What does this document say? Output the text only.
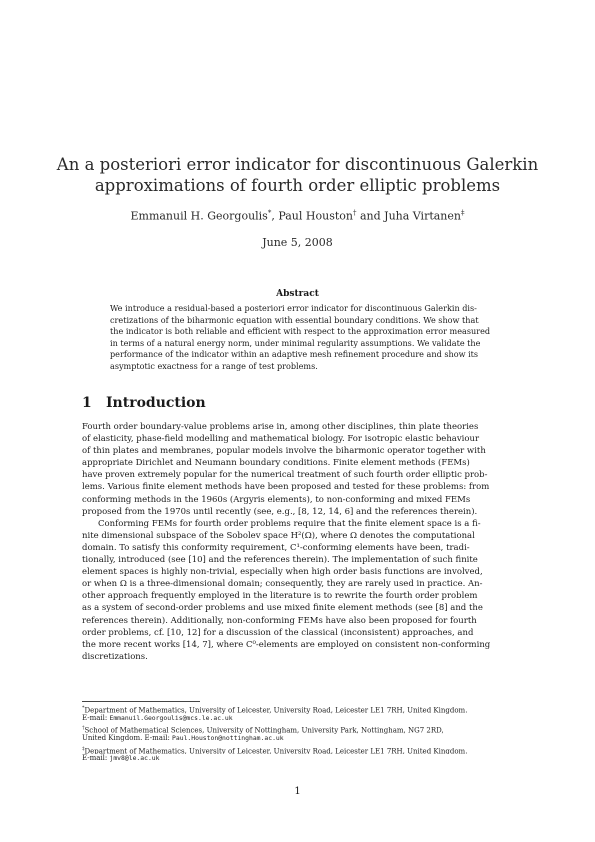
An a posteriori error indicator for discontinuous Galerkin
approximations of fourth order elliptic problems
Emmanuil H. Georgoulis*, Paul Houston† and Juha Virtanen‡
June 5, 2008
Abstract
We introduce a residual-based a posteriori error indicator for discontinuous Galerkin dis-
cretizations of the biharmonic equation with essential boundary conditions. We show that
the indicator is both reliable and efficient with respect to the approximation error measured
in terms of a natural energy norm, under minimal regularity assumptions. We validate the
performance of the indicator within an adaptive mesh refinement procedure and show its
asymptotic exactness for a range of test problems.
1 Introduction
Fourth order boundary-value problems arise in, among other disciplines, thin plate theories
of elasticity, phase-field modelling and mathematical biology. For isotropic elastic behaviour
of thin plates and membranes, popular models involve the biharmonic operator together with
appropriate Dirichlet and Neumann boundary conditions. Finite element methods (FEMs)
have proven extremely popular for the numerical treatment of such fourth order elliptic prob-
lems. Various finite element methods have been proposed and tested for these problems: from
conforming methods in the 1960s (Argyris elements), to non-conforming and mixed FEMs
proposed from the 1970s until recently (see, e.g., [8, 12, 14, 6] and the references therein).
Conforming FEMs for fourth order problems require that the finite element space is a fi-
nite dimensional subspace of the Sobolev space H²(Ω), where Ω denotes the computational
domain. To satisfy this conformity requirement, C¹-conforming elements have been, tradi-
tionally, introduced (see [10] and the references therein). The implementation of such finite
element spaces is highly non-trivial, especially when high order basis functions are involved,
or when Ω is a three-dimensional domain; consequently, they are rarely used in practice. An-
other approach frequently employed in the literature is to rewrite the fourth order problem
as a system of second-order problems and use mixed finite element methods (see [8] and the
references therein). Additionally, non-conforming FEMs have also been proposed for fourth
order problems, cf. [10, 12] for a discussion of the classical (inconsistent) approaches, and
the more recent works [14, 7], where C⁰-elements are employed on consistent non-conforming
discretizations.
*Department of Mathematics, University of Leicester, University Road, Leicester LE1 7RH, United Kingdom.
E-mail: Emmanuil.Georgoulis@mcs.le.ac.uk
†School of Mathematical Sciences, University of Nottingham, University Park, Nottingham, NG7 2RD,
United Kingdom. E-mail: Paul.Houston@nottingham.ac.uk
‡Department of Mathematics, University of Leicester, University Road, Leicester LE1 7RH, United Kingdom.
E-mail: jmv8@le.ac.uk
1
